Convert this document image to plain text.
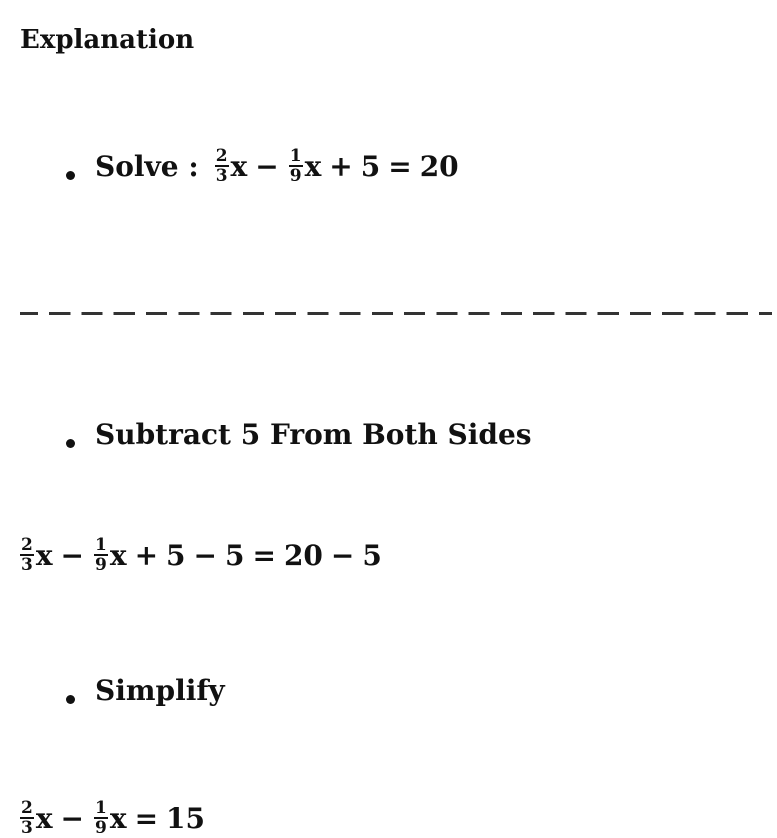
Explanation
Solve : $\frac{2}{3}$ $x - \frac{1}{9}$ x + 5 = 20
Subtract 5 From Both Sides
$\frac{2}{3}$ $x - \frac{1}{9}$ x + 5 − 5 = 20 − 5
Simplify
$\frac{2}{3}$ $x - \frac{1}{9}$ x = 15
